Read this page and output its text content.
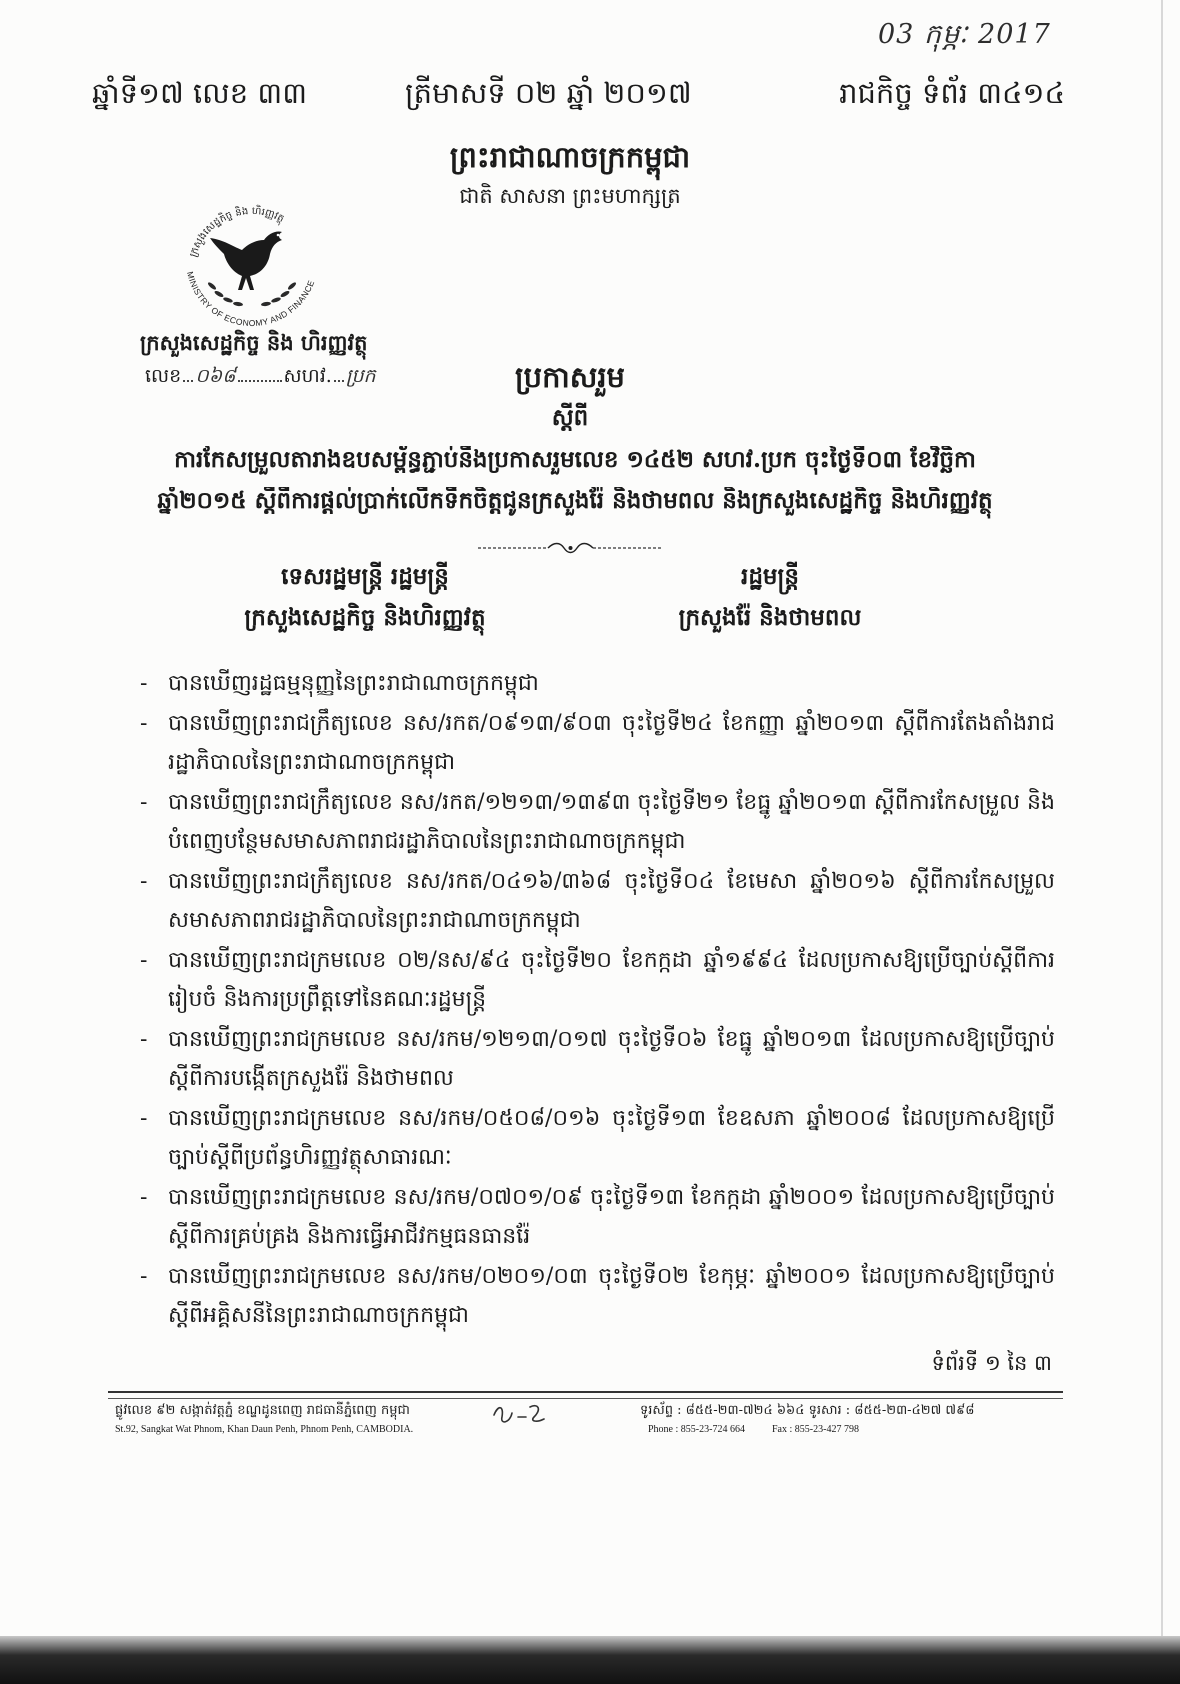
03 កុម្ភៈ 2017
ឆ្នាំទី១៧ លេខ ៣៣	ត្រីមាសទី ០២ ឆ្នាំ ២០១៧	រាជកិច្ច ទំព័រ ៣៤១៤
ព្រះរាជាណាចក្រកម្ពុជា
ជាតិ សាសនា ព្រះមហាក្សត្រ
ក្រសួងសេដ្ឋកិច្ច និង ហិរញ្ញវត្ថុ
MINISTRY OF ECONOMY AND FINANCE
ក្រសួងសេដ្ឋកិច្ច និង ហិរញ្ញវត្ថុ
លេខ ០៦៨	សហវ. ប្រក	ប្រកាសរួម
ស្តីពី
ការកែសម្រួលតារាងឧបសម្ព័ន្ធភ្ជាប់នឹងប្រកាសរួមលេខ ១៤៥២ សហវ.ប្រក ចុះថ្ងៃទី០៣ ខែវិច្ឆិកា
ឆ្នាំ២០១៥ ស្តីពីការផ្តល់ប្រាក់លើកទឹកចិត្តជូនក្រសួងរ៉ែ និងថាមពល និងក្រសួងសេដ្ឋកិច្ច និងហិរញ្ញវត្ថុ
ទេសរដ្ឋមន្ត្រី រដ្ឋមន្ត្រី
ក្រសួងសេដ្ឋកិច្ច និងហិរញ្ញវត្ថុ
រដ្ឋមន្ត្រី
ក្រសួងរ៉ែ និងថាមពល
- បានឃើញរដ្ឋធម្មនុញ្ញនៃព្រះរាជាណាចក្រកម្ពុជា
- បានឃើញព្រះរាជក្រឹត្យលេខ នស/រកត/០៩១៣/៩០៣ ចុះថ្ងៃទី២៤ ខែកញ្ញា ឆ្នាំ២០១៣ ស្តីពីការតែងតាំងរាជរដ្ឋាភិបាលនៃព្រះរាជាណាចក្រកម្ពុជា
- បានឃើញព្រះរាជក្រឹត្យលេខ នស/រកត/១២១៣/១៣៩៣ ចុះថ្ងៃទី២១ ខែធ្នូ ឆ្នាំ២០១៣ ស្តីពីការកែសម្រួល និងបំពេញបន្ថែមសមាសភាពរាជរដ្ឋាភិបាលនៃព្រះរាជាណាចក្រកម្ពុជា
- បានឃើញព្រះរាជក្រឹត្យលេខ នស/រកត/០៤១៦/៣៦៨ ចុះថ្ងៃទី០៤ ខែមេសា ឆ្នាំ២០១៦ ស្តីពីការកែសម្រួលសមាសភាពរាជរដ្ឋាភិបាលនៃព្រះរាជាណាចក្រកម្ពុជា
- បានឃើញព្រះរាជក្រមលេខ ០២/នស/៩៤ ចុះថ្ងៃទី២០ ខែកក្កដា ឆ្នាំ១៩៩៤ ដែលប្រកាសឱ្យប្រើច្បាប់ស្តីពីការរៀបចំ និងការប្រព្រឹត្តទៅនៃគណៈរដ្ឋមន្ត្រី
- បានឃើញព្រះរាជក្រមលេខ នស/រកម/១២១៣/០១៧ ចុះថ្ងៃទី០៦ ខែធ្នូ ឆ្នាំ២០១៣ ដែលប្រកាសឱ្យប្រើច្បាប់ស្តីពីការបង្កើតក្រសួងរ៉ែ និងថាមពល
- បានឃើញព្រះរាជក្រមលេខ នស/រកម/០៥០៨/០១៦ ចុះថ្ងៃទី១៣ ខែឧសភា ឆ្នាំ២០០៨ ដែលប្រកាសឱ្យប្រើច្បាប់ស្តីពីប្រព័ន្ធហិរញ្ញវត្ថុសាធារណៈ
- បានឃើញព្រះរាជក្រមលេខ នស/រកម/០៧០១/០៩ ចុះថ្ងៃទី១៣ ខែកក្កដា ឆ្នាំ២០០១ ដែលប្រកាសឱ្យប្រើច្បាប់ស្តីពីការគ្រប់គ្រង និងការធ្វើអាជីវកម្មធនធានរ៉ែ
- បានឃើញព្រះរាជក្រមលេខ នស/រកម/០២០១/០៣ ចុះថ្ងៃទី០២ ខែកុម្ភៈ ឆ្នាំ២០០១ ដែលប្រកាសឱ្យប្រើច្បាប់ស្តីពីអគ្គិសនីនៃព្រះរាជាណាចក្រកម្ពុជា
ទំព័រទី ១ នៃ ៣
ផ្លូវលេខ ៩២ សង្កាត់វត្តភ្នំ ខណ្ឌដូនពេញ រាជធានីភ្នំពេញ កម្ពុជា
St.92, Sangkat Wat Phnom, Khan Daun Penh, Phnom Penh, CAMBODIA.
ទូរស័ព្ទ : ៨៥៥-២៣-៧២៤ ៦៦៤ ទូរសារ : ៨៥៥-២៣-៤២៧ ៧៩៨
Phone : 855-23-724 664	Fax : 855-23-427 798
